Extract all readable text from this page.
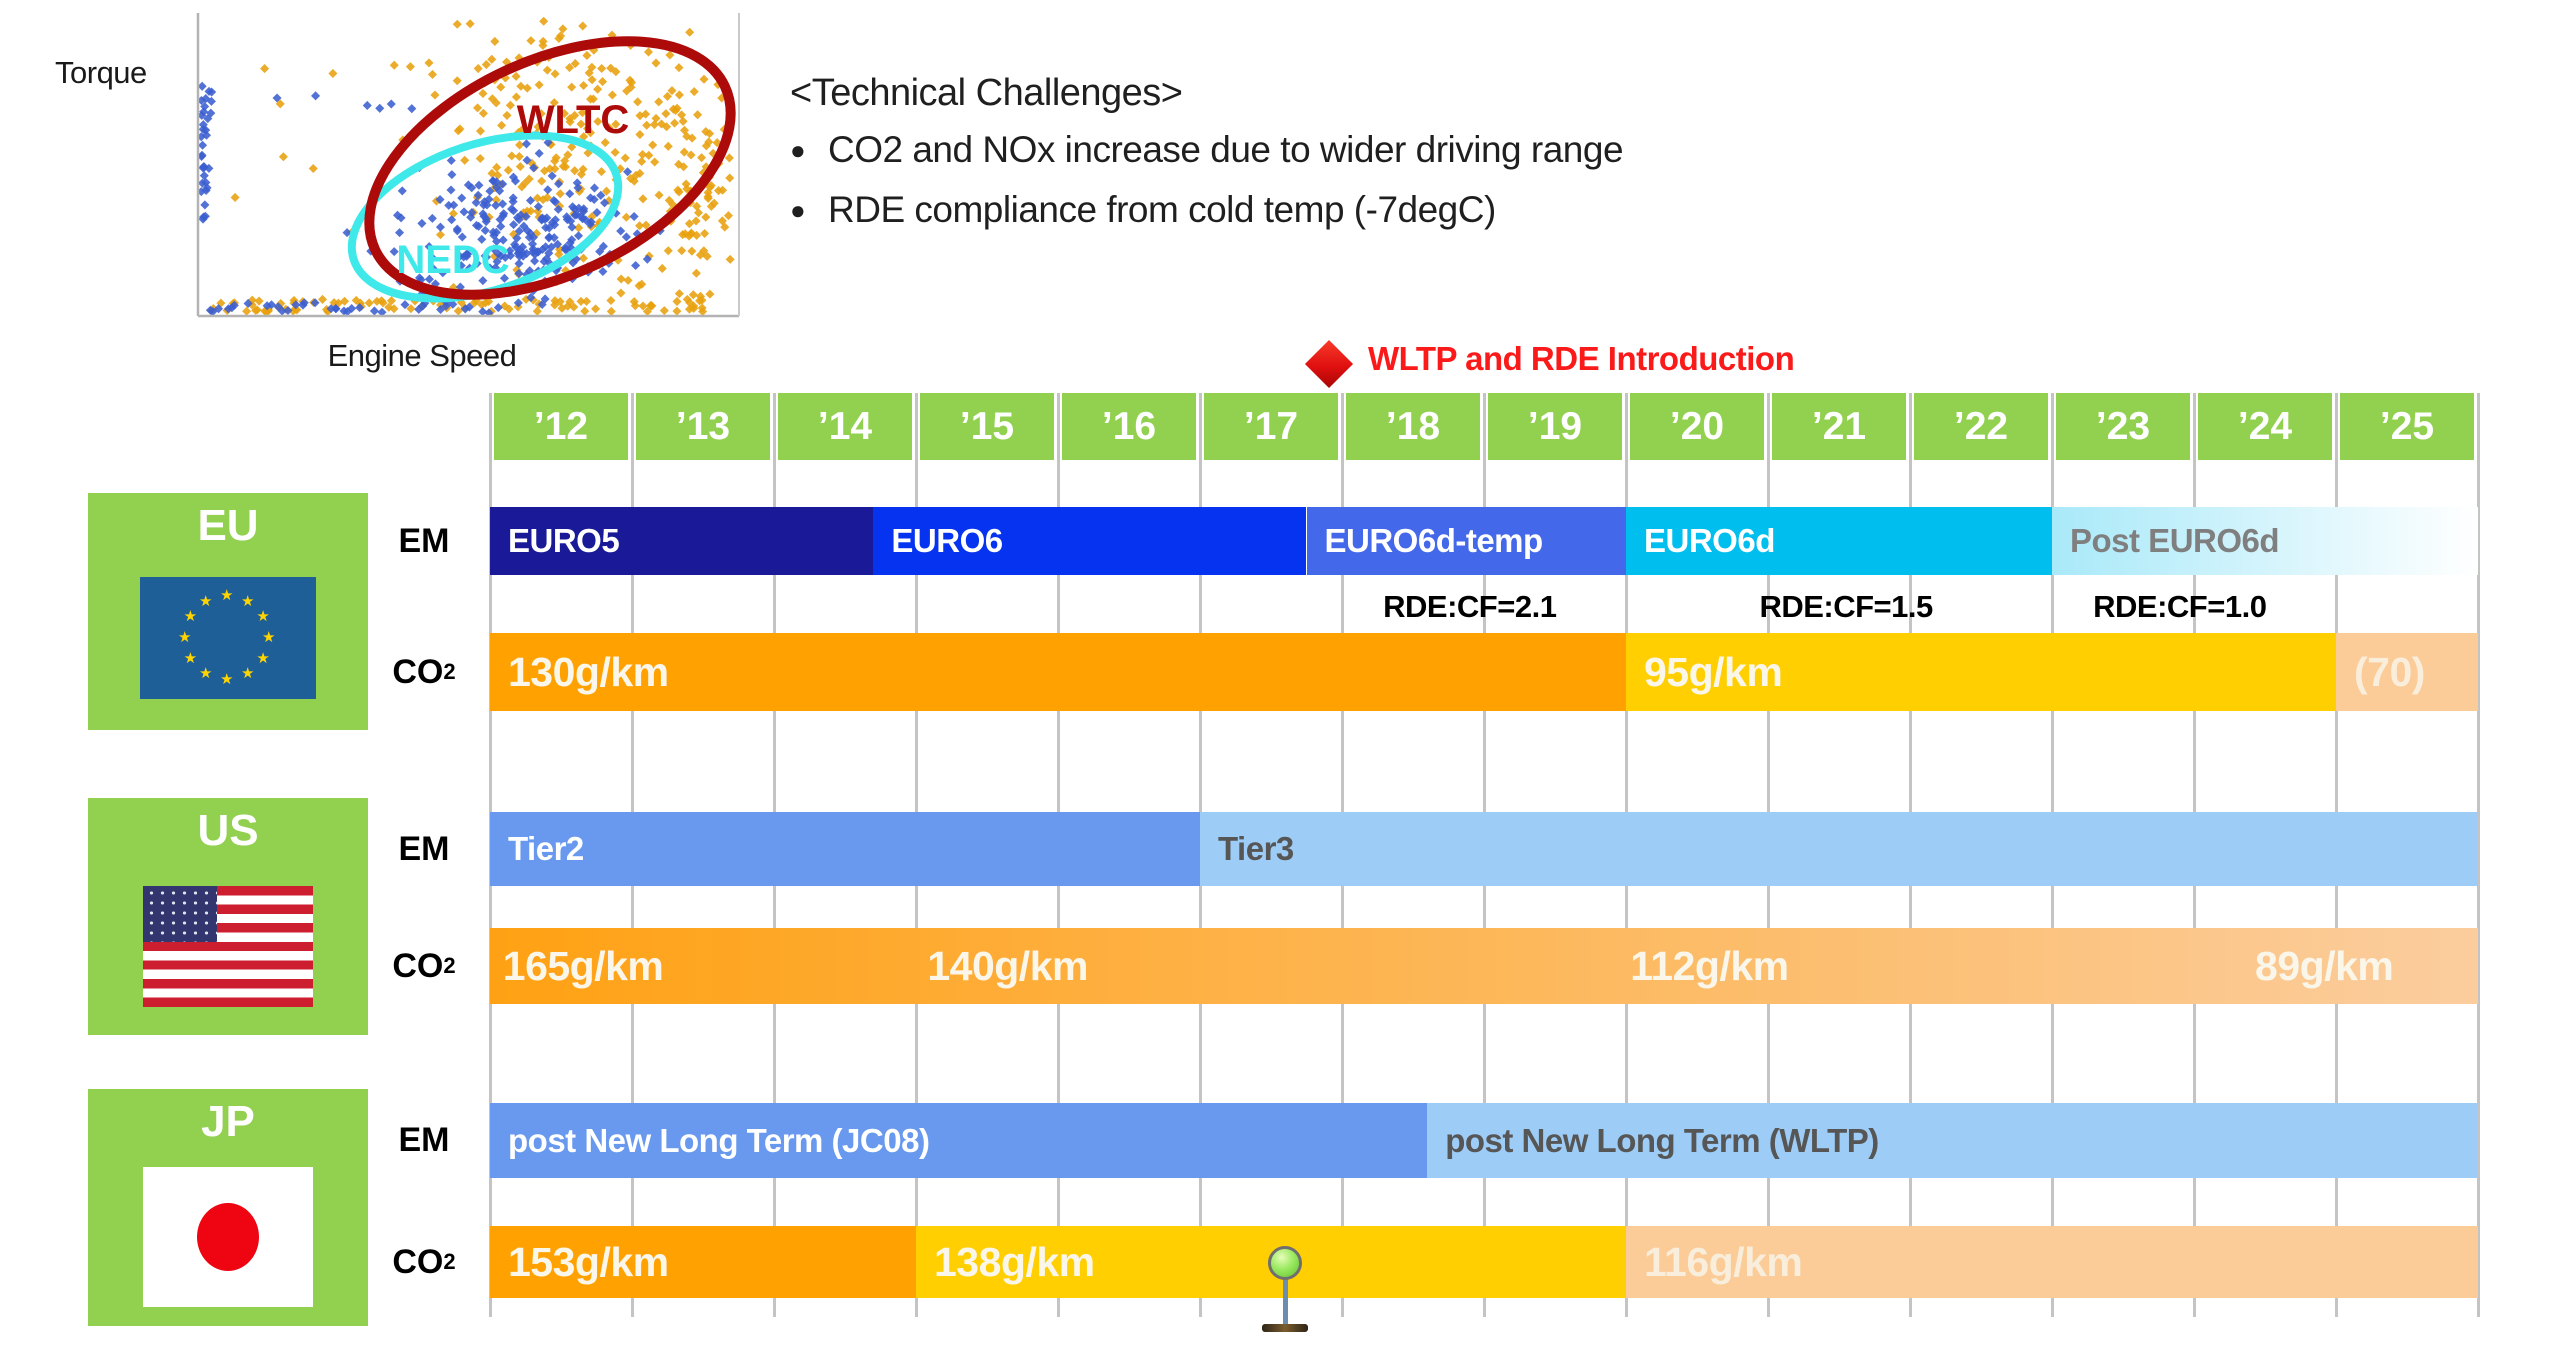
WLTC
NEDC
Torque
Engine Speed
<Technical Challenges>
● CO2 and NOx increase due to wider driving range
● RDE compliance from cold temp (-7degC)
WLTP and RDE Introduction
’12	’13	’14	’15	’16	’17	’18	’19	’20	’21	’22	’23	’24	’25
EU
★ ★
★
★
★
★
★
★
★
★
★
★
EM	EURO5	EURO6	EURO6d-temp	EURO6d	Post EURO6d
CO 2	130g/km	95g/km	(70)
RDE:CF=2.1	RDE:CF=1.5	RDE:CF=1.0
US	EM	Tier2	Tier3
CO 2 165g/km	140g/km	112g/km	89g/km
JP	EM	post New Long Term (JC08)	post New Long Term (WLTP)
CO 2	153g/km	138g/km	116g/km
